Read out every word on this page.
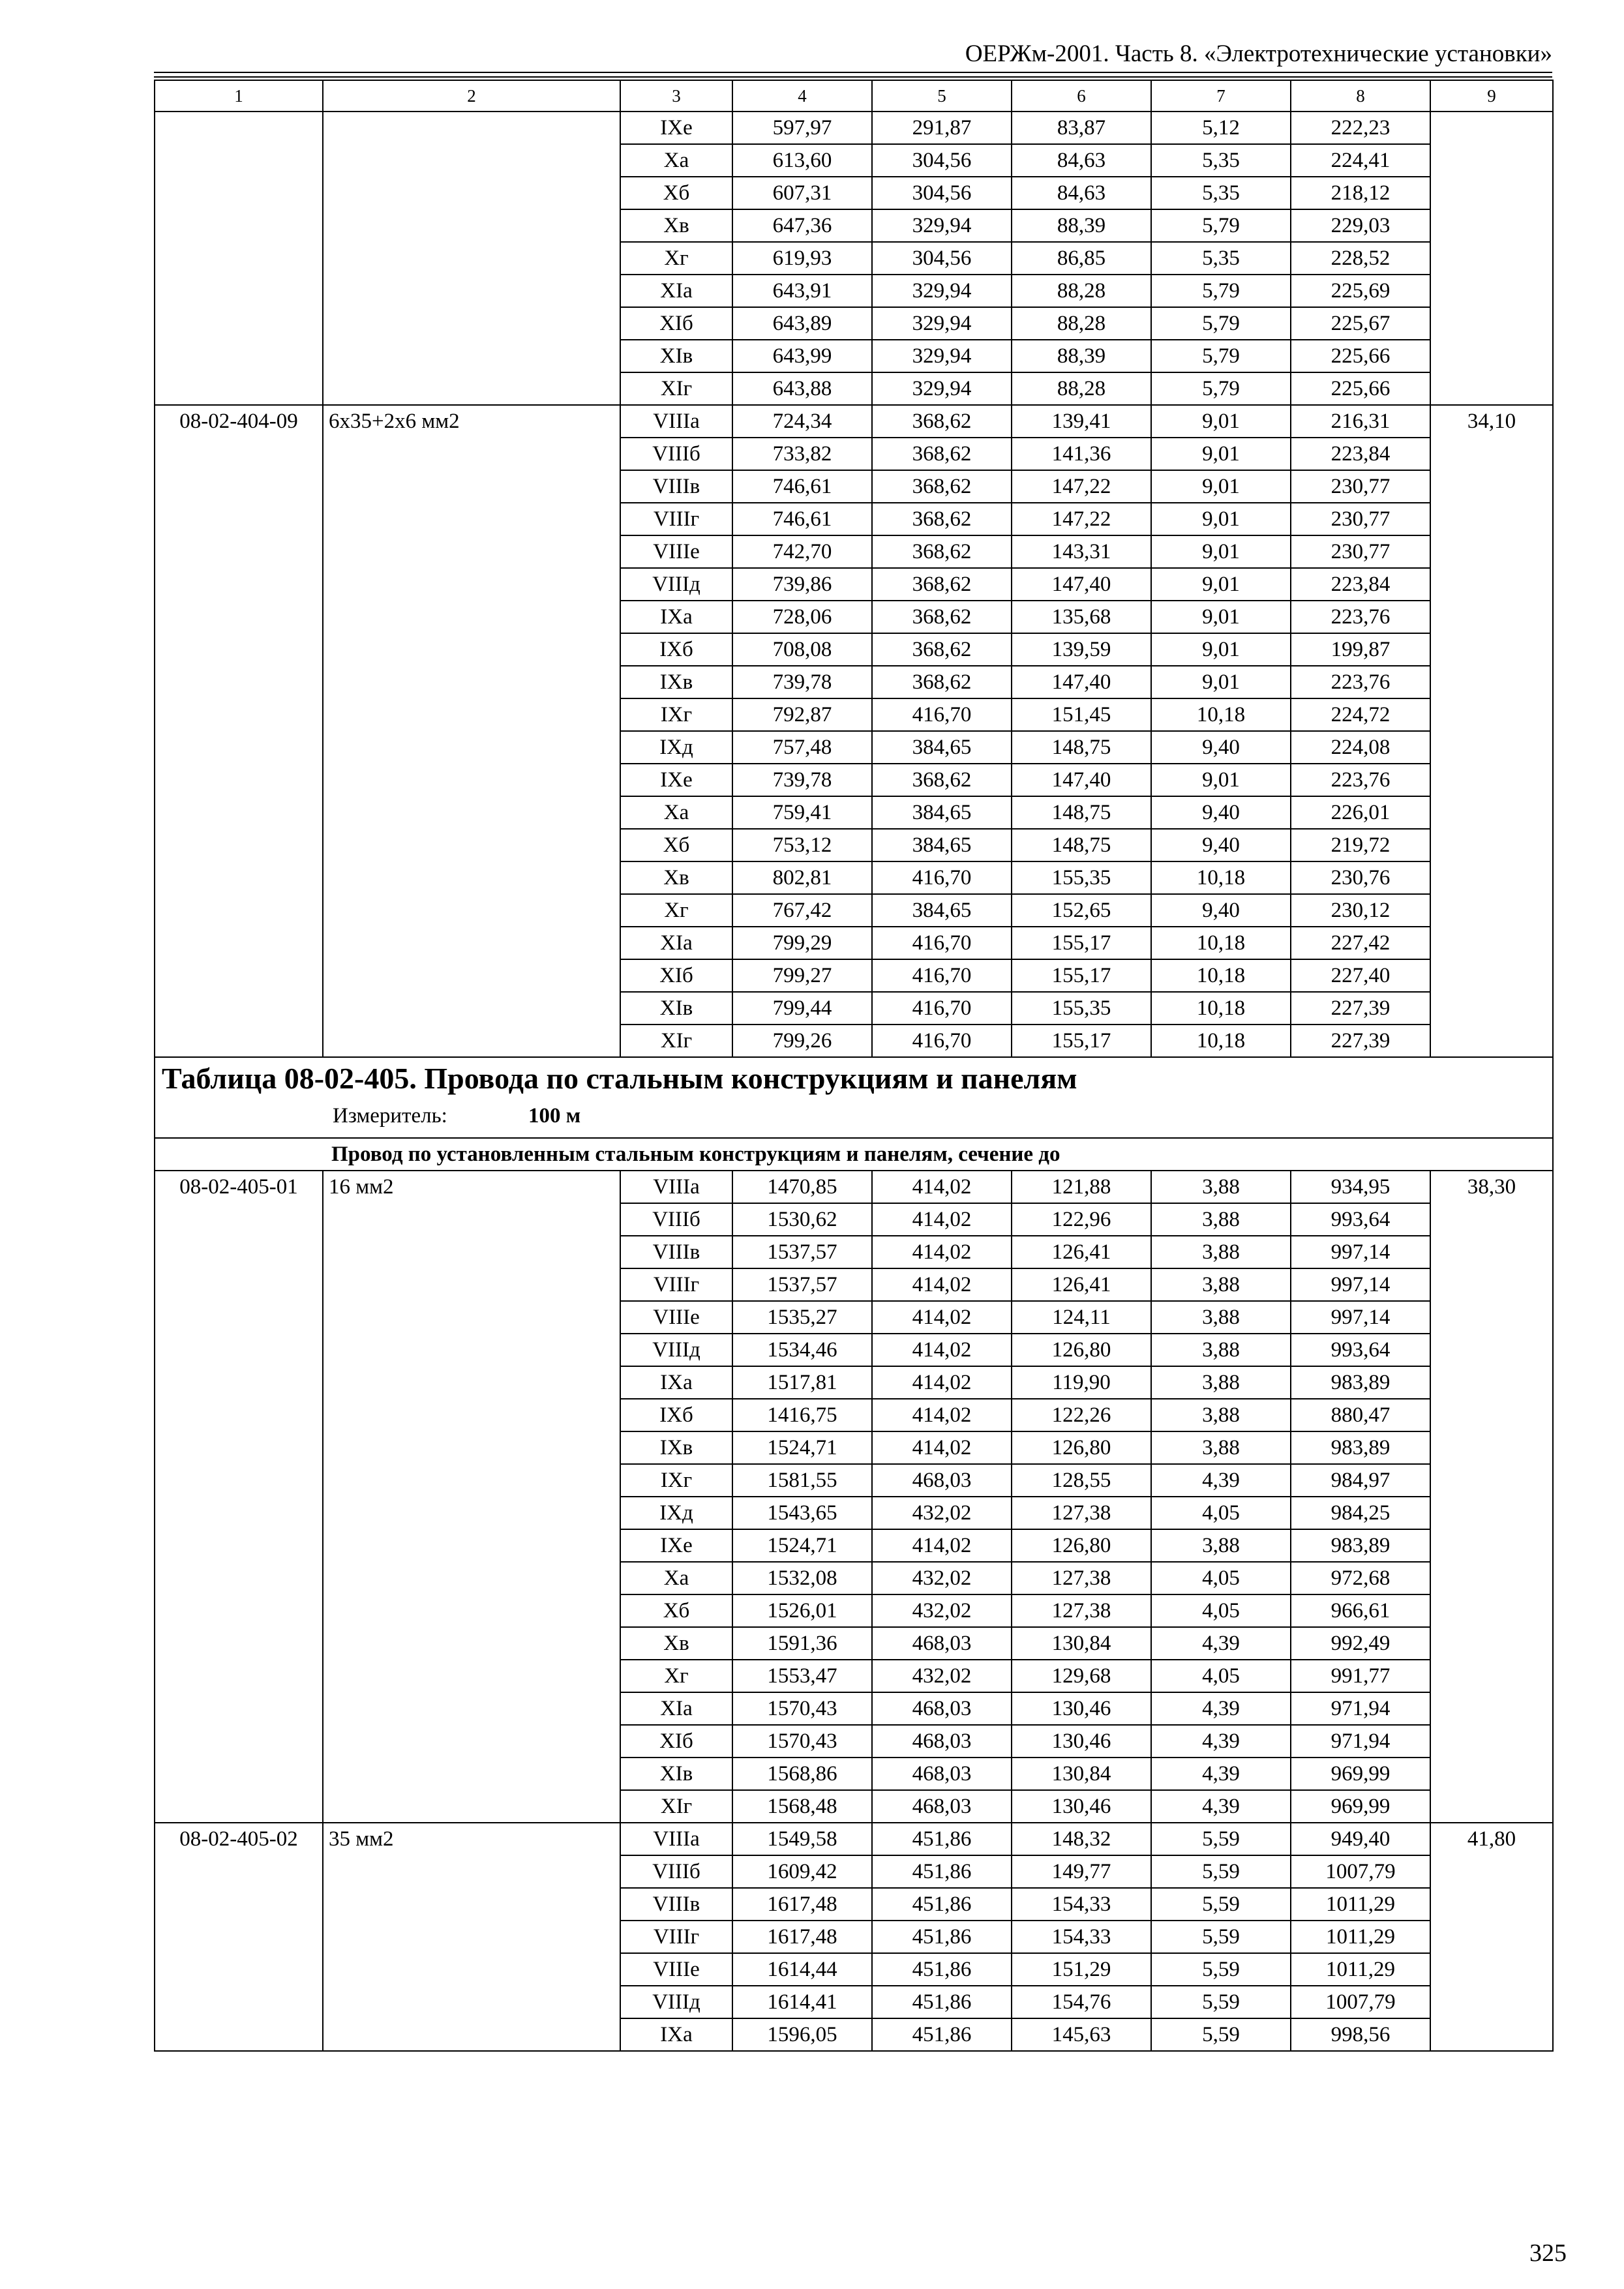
ОЕРЖм-2001. Часть 8. «Электротехнические установки»
1	2	3	4	5	6	7	8	9
		IXе	597,97	291,87	83,87	5,12	222,23	
		Xа	613,60	304,56	84,63	5,35	224,41	
		Xб	607,31	304,56	84,63	5,35	218,12	
		Xв	647,36	329,94	88,39	5,79	229,03	
		Xг	619,93	304,56	86,85	5,35	228,52	
		XIа	643,91	329,94	88,28	5,79	225,69	
		XIб	643,89	329,94	88,28	5,79	225,67	
		XIв	643,99	329,94	88,39	5,79	225,66	
		XIг	643,88	329,94	88,28	5,79	225,66	
08-02-404-09	6х35+2х6 мм2	VIIIа	724,34	368,62	139,41	9,01	216,31	34,10
		VIIIб	733,82	368,62	141,36	9,01	223,84	
		VIIIв	746,61	368,62	147,22	9,01	230,77	
		VIIIг	746,61	368,62	147,22	9,01	230,77	
		VIIIе	742,70	368,62	143,31	9,01	230,77	
		VIIIд	739,86	368,62	147,40	9,01	223,84	
		IXа	728,06	368,62	135,68	9,01	223,76	
		IXб	708,08	368,62	139,59	9,01	199,87	
		IXв	739,78	368,62	147,40	9,01	223,76	
		IXг	792,87	416,70	151,45	10,18	224,72	
		IXд	757,48	384,65	148,75	9,40	224,08	
		IXе	739,78	368,62	147,40	9,01	223,76	
		Xа	759,41	384,65	148,75	9,40	226,01	
		Xб	753,12	384,65	148,75	9,40	219,72	
		Xв	802,81	416,70	155,35	10,18	230,76	
		Xг	767,42	384,65	152,65	9,40	230,12	
		XIа	799,29	416,70	155,17	10,18	227,42	
		XIб	799,27	416,70	155,17	10,18	227,40	
		XIв	799,44	416,70	155,35	10,18	227,39	
		XIг	799,26	416,70	155,17	10,18	227,39	

Таблица 08-02-405. Провода по стальным конструкциям и панелям
Измеритель: 100 м								

Провод по установленным стальным конструкциям и панелям, сечение до								
08-02-405-01	16 мм2	VIIIа	1470,85	414,02	121,88	3,88	934,95	38,30
		VIIIб	1530,62	414,02	122,96	3,88	993,64	
		VIIIв	1537,57	414,02	126,41	3,88	997,14	
		VIIIг	1537,57	414,02	126,41	3,88	997,14	
		VIIIе	1535,27	414,02	124,11	3,88	997,14	
		VIIIд	1534,46	414,02	126,80	3,88	993,64	
		IXа	1517,81	414,02	119,90	3,88	983,89	
		IXб	1416,75	414,02	122,26	3,88	880,47	
		IXв	1524,71	414,02	126,80	3,88	983,89	
		IXг	1581,55	468,03	128,55	4,39	984,97	
		IXд	1543,65	432,02	127,38	4,05	984,25	
		IXе	1524,71	414,02	126,80	3,88	983,89	
		Xа	1532,08	432,02	127,38	4,05	972,68	
		Xб	1526,01	432,02	127,38	4,05	966,61	
		Xв	1591,36	468,03	130,84	4,39	992,49	
		Xг	1553,47	432,02	129,68	4,05	991,77	
		XIа	1570,43	468,03	130,46	4,39	971,94	
		XIб	1570,43	468,03	130,46	4,39	971,94	
		XIв	1568,86	468,03	130,84	4,39	969,99	
		XIг	1568,48	468,03	130,46	4,39	969,99	
08-02-405-02	35 мм2	VIIIа	1549,58	451,86	148,32	5,59	949,40	41,80
		VIIIб	1609,42	451,86	149,77	5,59	1007,79	
		VIIIв	1617,48	451,86	154,33	5,59	1011,29	
		VIIIг	1617,48	451,86	154,33	5,59	1011,29	
		VIIIе	1614,44	451,86	151,29	5,59	1011,29	
		VIIIд	1614,41	451,86	154,76	5,59	1007,79	
		IXа	1596,05	451,86	145,63	5,59	998,56	
325
